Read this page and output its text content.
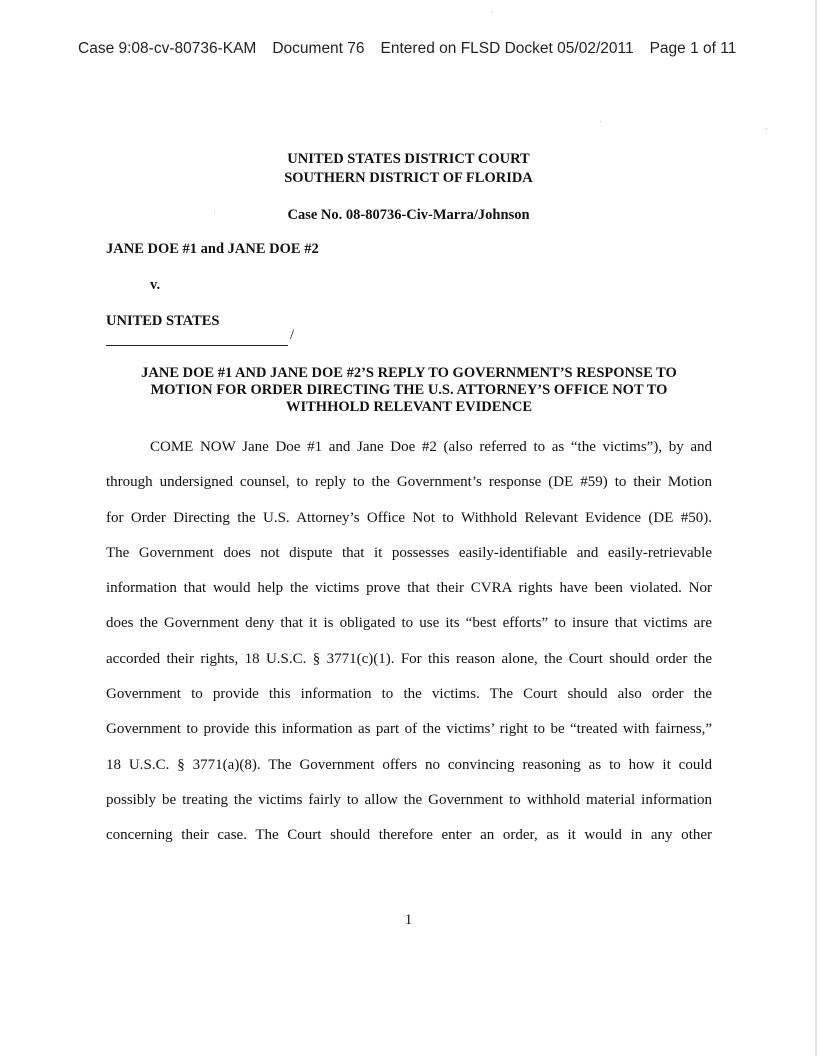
Case 9:08-cv-80736-KAM Document 76 Entered on FLSD Docket 05/02/2011 Page 1 of 11
UNITED STATES DISTRICT COURT
SOUTHERN DISTRICT OF FLORIDA
Case No. 08-80736-Civ-Marra/Johnson
JANE DOE #1 and JANE DOE #2
v.
UNITED STATES
/
JANE DOE #1 AND JANE DOE #2’S REPLY TO GOVERNMENT’S RESPONSE TO
MOTION FOR ORDER DIRECTING THE U.S. ATTORNEY’S OFFICE NOT TO
WITHHOLD RELEVANT EVIDENCE
COME NOW Jane Doe #1 and Jane Doe #2 (also referred to as “the victims”), by and
through undersigned counsel, to reply to the Government’s response (DE #59) to their Motion
for Order Directing the U.S. Attorney’s Office Not to Withhold Relevant Evidence (DE #50).
The Government does not dispute that it possesses easily-identifiable and easily-retrievable
information that would help the victims prove that their CVRA rights have been violated. Nor
does the Government deny that it is obligated to use its “best efforts” to insure that victims are
accorded their rights, 18 U.S.C. § 3771(c)(1). For this reason alone, the Court should order the
Government to provide this information to the victims. The Court should also order the
Government to provide this information as part of the victims’ right to be “treated with fairness,”
18 U.S.C. § 3771(a)(8). The Government offers no convincing reasoning as to how it could
possibly be treating the victims fairly to allow the Government to withhold material information
concerning their case. The Court should therefore enter an order, as it would in any other
1
